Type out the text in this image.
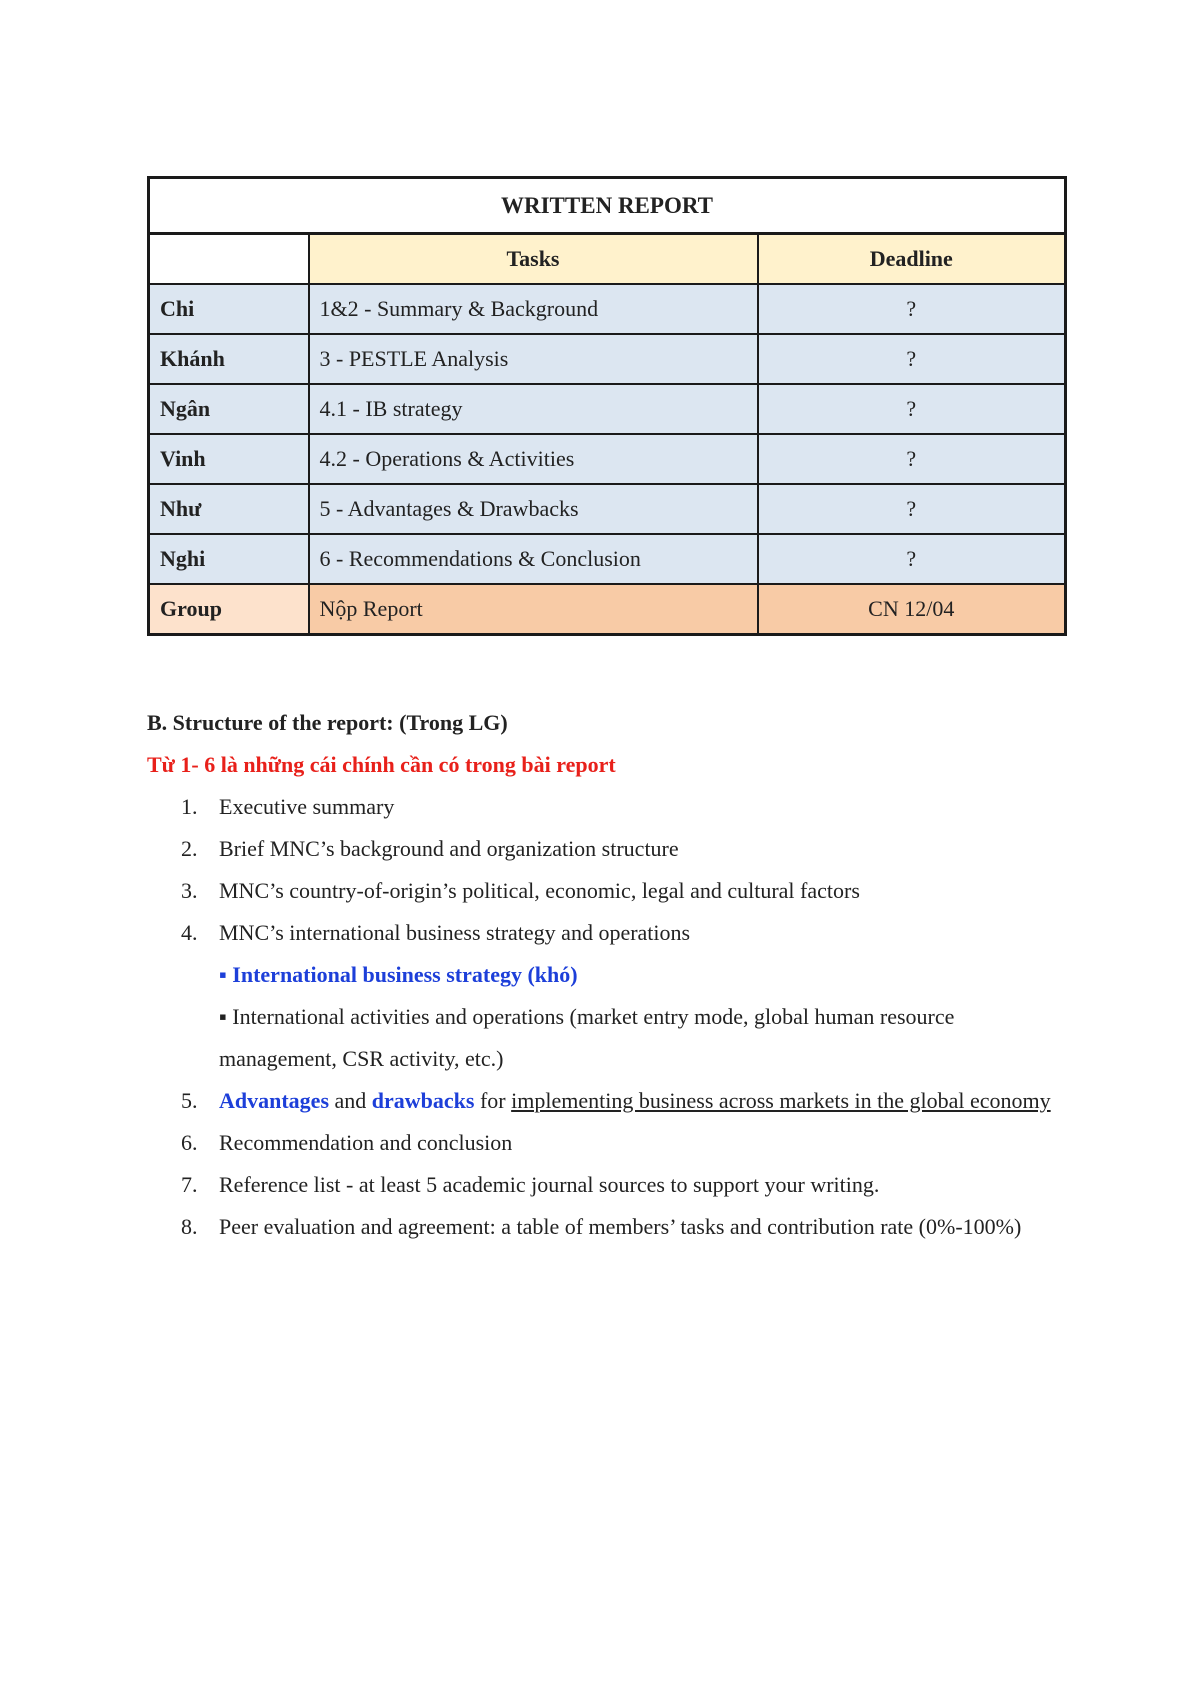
WRITTEN REPORT		
	Tasks	Deadline
Chi	1&2 - Summary & Background	?
Khánh	3 - PESTLE Analysis	?
Ngân	4.1 - IB strategy	?
Vinh	4.2 - Operations & Activities	?
Như	5 - Advantages & Drawbacks	?
Nghi	6 - Recommendations & Conclusion	?
Group	Nộp Report	CN 12/04
B. Structure of the report: (Trong LG)
Từ 1- 6 là những cái chính cần có trong bài report
1. Executive summary
2. Brief MNC’s background and organization structure
3. MNC’s country-of-origin’s political, economic, legal and cultural factors
4. MNC’s international business strategy and operations
▪ International business strategy (khó)
▪ International activities and operations (market entry mode, global human resource management, CSR activity, etc.)
5. Advantages and drawbacks for implementing business across markets in the global economy
6. Recommendation and conclusion
7. Reference list - at least 5 academic journal sources to support your writing.
8. Peer evaluation and agreement: a table of members’ tasks and contribution rate (0%-100%)
